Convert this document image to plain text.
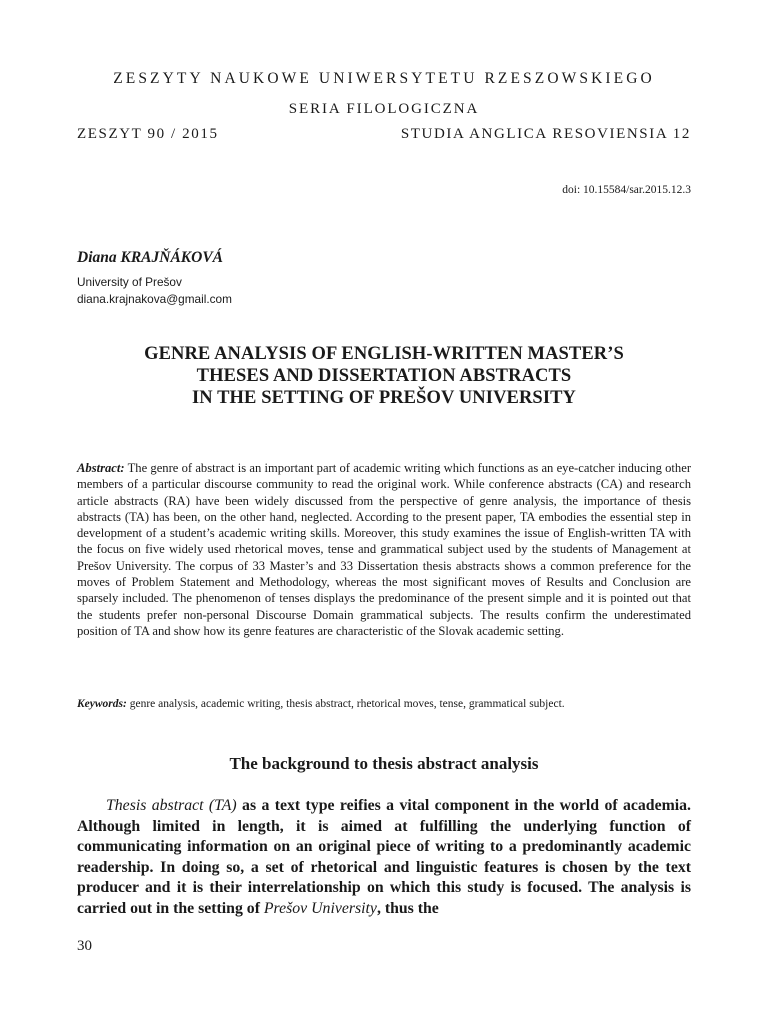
ZESZYTY NAUKOWE UNIWERSYTETU RZESZOWSKIEGO
SERIA FILOLOGICZNA
ZESZYT 90 / 2015	STUDIA ANGLICA RESOVIENSIA 12
doi: 10.15584/sar.2015.12.3
Diana KRAJŇÁKOVÁ
University of Prešov
diana.krajnakova@gmail.com
GENRE ANALYSIS OF ENGLISH-WRITTEN MASTER’S
THESES AND DISSERTATION ABSTRACTS
IN THE SETTING OF PREŠOV UNIVERSITY
Abstract: The genre of abstract is an important part of academic writing which functions as an eye-catcher inducing other members of a particular discourse community to read the original work. While conference abstracts (CA) and research article abstracts (RA) have been widely discussed from the perspective of genre analysis, the importance of thesis abstracts (TA) has been, on the other hand, neglected. According to the present paper, TA embodies the essential step in development of a student’s academic writing skills. Moreover, this study examines the issue of English-written TA with the focus on five widely used rhetorical moves, tense and grammatical subject used by the students of Management at Prešov University. The corpus of 33 Master’s and 33 Dissertation thesis abstracts shows a common preference for the moves of Problem Statement and Methodology, whereas the most significant moves of Results and Conclusion are sparsely included. The phenomenon of tenses displays the predominance of the present simple and it is pointed out that the students prefer non-personal Discourse Domain grammatical subjects. The results confirm the underestimated position of TA and show how its genre features are characteristic of the Slovak academic setting.
Keywords: genre analysis, academic writing, thesis abstract, rhetorical moves, tense, grammatical subject.
The background to thesis abstract analysis
Thesis abstract (TA) as a text type reifies a vital component in the world of academia. Although limited in length, it is aimed at fulfilling the underlying function of communicating information on an original piece of writing to a predominantly academic readership. In doing so, a set of rhetorical and linguistic features is chosen by the text producer and it is their interrelationship on which this study is focused. The analysis is carried out in the setting of Prešov University, thus the
30
